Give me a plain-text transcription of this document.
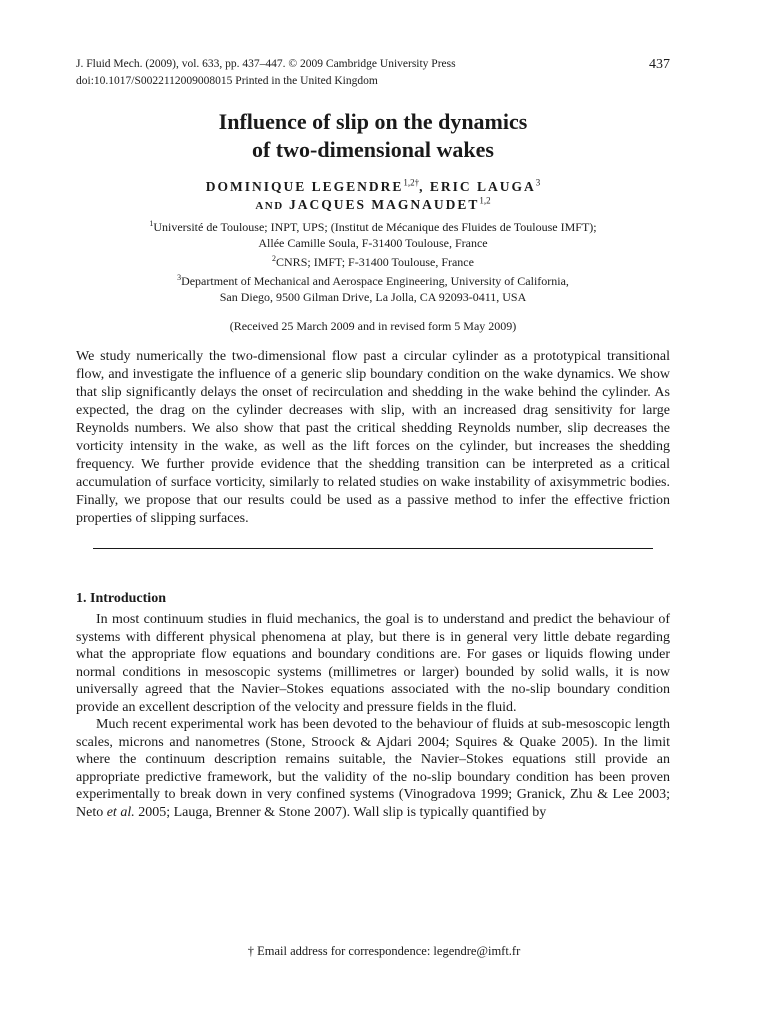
J. Fluid Mech. (2009), vol. 633, pp. 437–447. © 2009 Cambridge University Press
doi:10.1017/S0022112009008015 Printed in the United Kingdom
437
Influence of slip on the dynamics
of two-dimensional wakes
DOMINIQUE $LEGENDRE^{1,2\dagger}$, ERIC LAUGA$^3$
AND JACQUES MAGNAUDET$^{1,2}$
$^1$Université de Toulouse; INPT, UPS; (Institut de Mécanique des Fluides de Toulouse IMFT);
Allée Camille Soula, F-31400 Toulouse, France
$^2$CNRS; IMFT; F-31400 Toulouse, France
$^3$Department of Mechanical and Aerospace Engineering, University of California,
San Diego, 9500 Gilman Drive, La Jolla, CA 92093-0411, USA
(Received 25 March 2009 and in revised form 5 May 2009)
We study numerically the two-dimensional flow past a circular cylinder as a prototypical transitional flow, and investigate the influence of a generic slip boundary condition on the wake dynamics. We show that slip significantly delays the onset of recirculation and shedding in the wake behind the cylinder. As expected, the drag on the cylinder decreases with slip, with an increased drag sensitivity for large Reynolds numbers. We also show that past the critical shedding Reynolds number, slip decreases the vorticity intensity in the wake, as well as the lift forces on the cylinder, but increases the shedding frequency. We further provide evidence that the shedding transition can be interpreted as a critical accumulation of surface vorticity, similarly to related studies on wake instability of axisymmetric bodies. Finally, we propose that our results could be used as a passive method to infer the effective friction properties of slipping surfaces.
1. Introduction

In most continuum studies in fluid mechanics, the goal is to understand and predict the behaviour of systems with different physical phenomena at play, but there is in general very little debate regarding what the appropriate flow equations and boundary conditions are. For gases or liquids flowing under normal conditions in mesoscopic systems (millimetres or larger) bounded by solid walls, it is now universally agreed that the Navier–Stokes equations associated with the no-slip boundary condition provide an excellent description of the velocity and pressure fields in the fluid.

Much recent experimental work has been devoted to the behaviour of fluids at sub-mesoscopic length scales, microns and nanometres (Stone, Stroock & Ajdari 2004; Squires & Quake 2005). In the limit where the continuum description remains suitable, the Navier–Stokes equations still provide an appropriate predictive framework, but the validity of the no-slip boundary condition has been proven experimentally to break down in very confined systems (Vinogradova 1999; Granick, Zhu & Lee 2003; Neto et al. 2005; Lauga, Brenner & Stone 2007). Wall slip is typically quantified by

† Email address for correspondence: legendre@imft.fr
